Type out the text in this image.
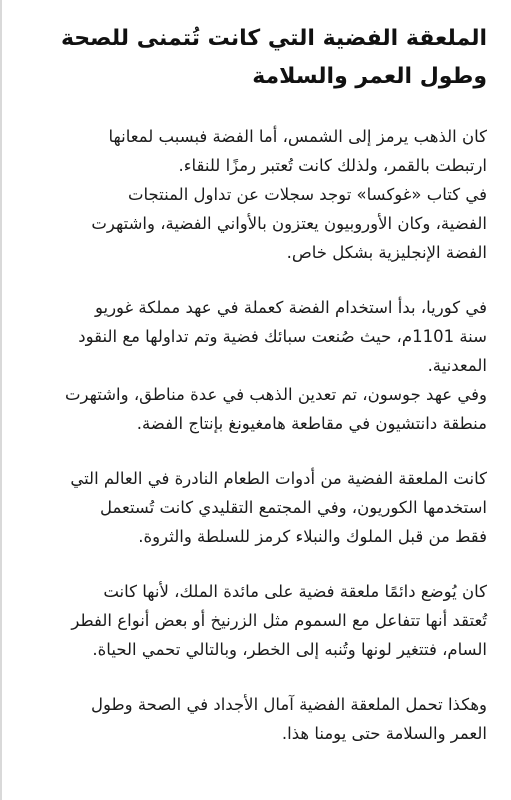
الملعقة الفضية التي كانت تُتمنى للصحة
وطول العمر والسلامة

كان الذهب يرمز إلى الشمس، أما الفضة فبسبب لمعانها
ارتبطت بالقمر، ولذلك كانت تُعتبر رمزًا للنقاء.
في كتاب «غوكسا» توجد سجلات عن تداول المنتجات
الفضية، وكان الأوروبيون يعتزون بالأواني الفضية، واشتهرت
الفضة الإنجليزية بشكل خاص.

في كوريا، بدأ استخدام الفضة كعملة في عهد مملكة غوريو
سنة 1101م، حيث صُنعت سبائك فضية وتم تداولها مع النقود
المعدنية.
وفي عهد جوسون، تم تعدين الذهب في عدة مناطق، واشتهرت
منطقة دانتشيون في مقاطعة هامغيونغ بإنتاج الفضة.

كانت الملعقة الفضية من أدوات الطعام النادرة في العالم التي
استخدمها الكوريون، وفي المجتمع التقليدي كانت تُستعمل
فقط من قبل الملوك والنبلاء كرمز للسلطة والثروة.

كان يُوضع دائمًا ملعقة فضية على مائدة الملك، لأنها كانت
تُعتقد أنها تتفاعل مع السموم مثل الزرنيخ أو بعض أنواع الفطر
السام، فتتغير لونها وتُنبه إلى الخطر، وبالتالي تحمي الحياة.

وهكذا تحمل الملعقة الفضية آمال الأجداد في الصحة وطول
العمر والسلامة حتى يومنا هذا.
